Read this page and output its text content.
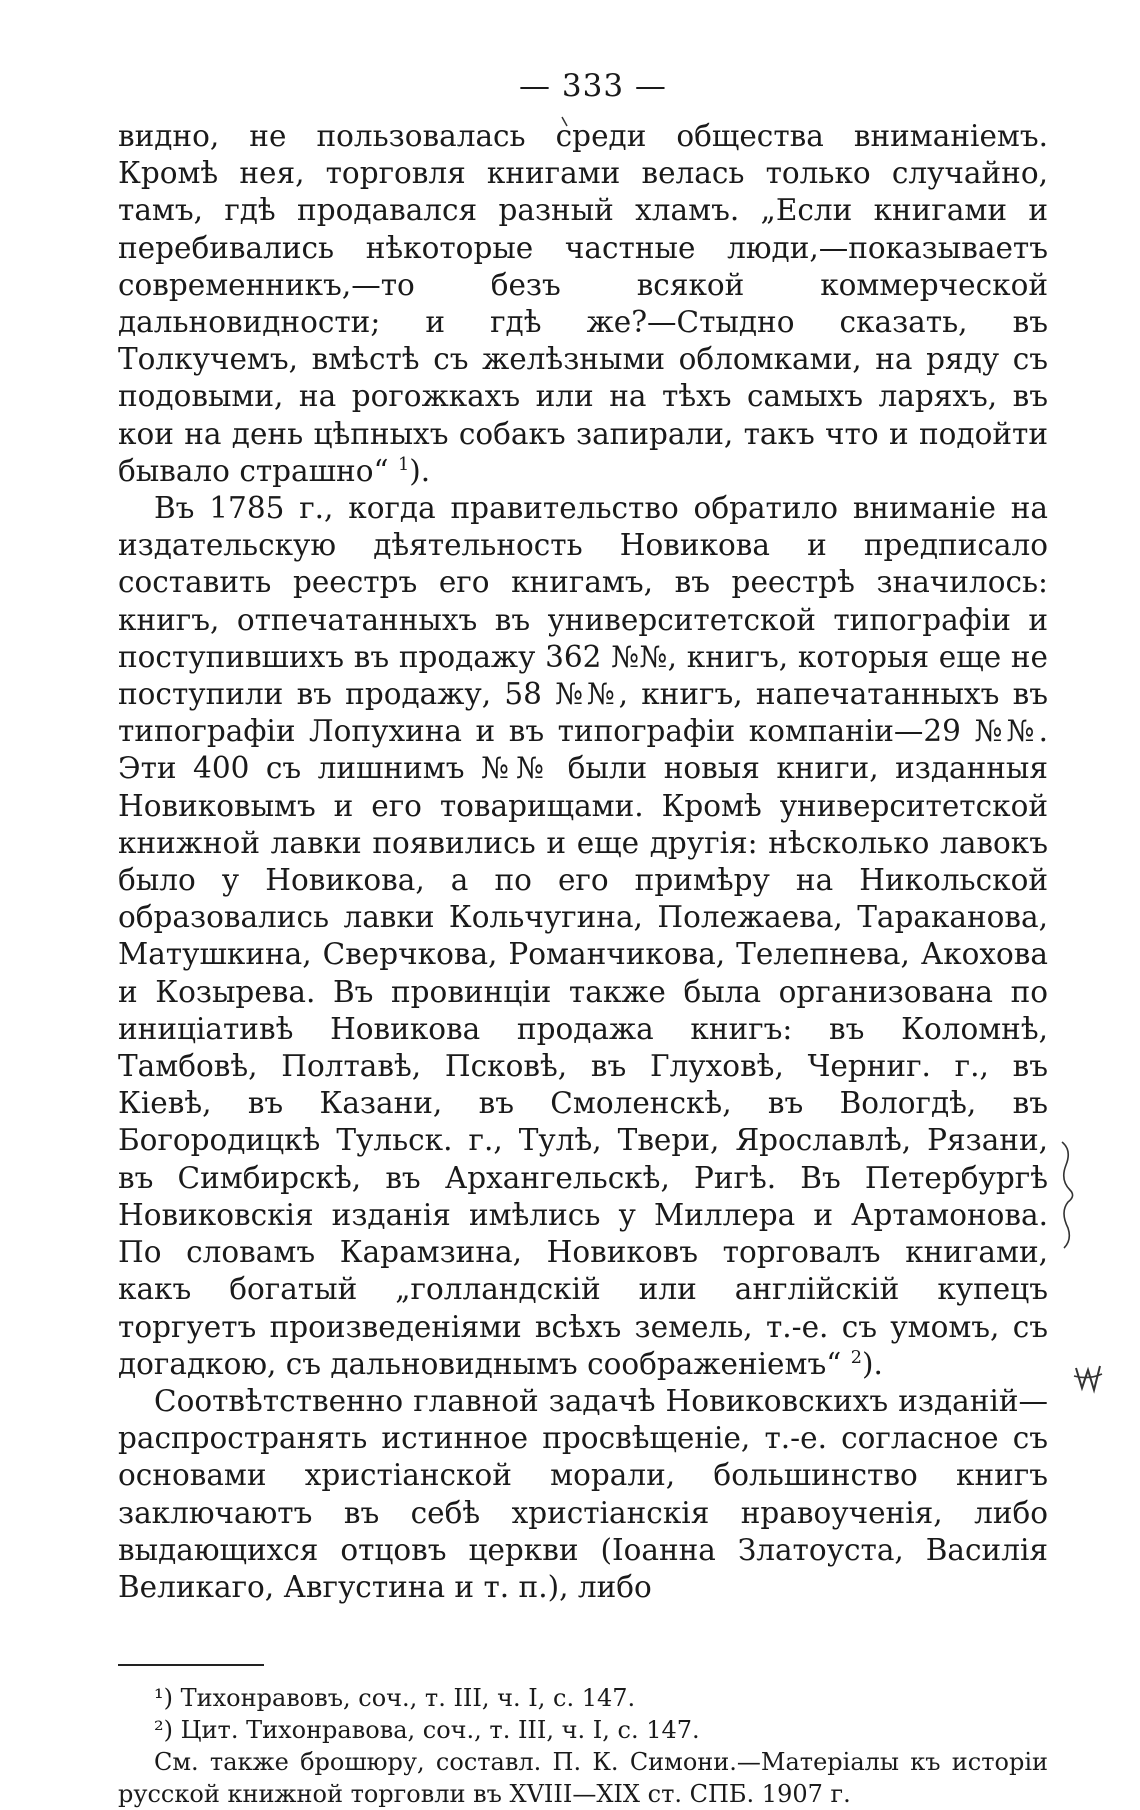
— 333 —

видно, не пользовалась среди общества вниманіемъ. Кромѣ нея, торговля книгами велась только случайно, тамъ, гдѣ продавался разный хламъ. „Если книгами и перебивались нѣкоторые частные люди,—показываетъ современникъ,—то безъ всякой коммерческой дальновидности; и гдѣ же?—Стыдно сказать, въ Толкучемъ, вмѣстѣ съ желѣзными обломками, на ряду съ подовыми, на рогожкахъ или на тѣхъ самыхъ ларяхъ, въ кои на день цѣпныхъ собакъ запирали, такъ что и подойти бывало страшно“ $^1$).

Въ 1785 г., когда правительство обратило вниманіе на издательскую дѣятельность Новикова и предписало составить реестръ его книгамъ, въ реестрѣ значилось: книгъ, отпечатанныхъ въ университетской типографіи и поступившихъ въ продажу 362 №№, книгъ, которыя еще не поступили въ продажу, 58 №№, книгъ, напечатанныхъ въ типографіи Лопухина и въ типографіи компаніи—29 №№. Эти 400 съ лишнимъ №№ были новыя книги, изданныя Новиковымъ и его товарищами. Кромѣ университетской книжной лавки появились и еще другія: нѣсколько лавокъ было у Новикова, а по его примѣру на Никольской образовались лавки Кольчугина, Полежаева, Тараканова, Матушкина, Сверчкова, Романчикова, Телепнева, Акохова и Козырева. Въ провинціи также была организована по иниціативѣ Новикова продажа книгъ: въ Коломнѣ, Тамбовѣ, Полтавѣ, Псковѣ, въ Глуховѣ, Черниг. г., въ Кіевѣ, въ Казани, въ Смоленскѣ, въ Вологдѣ, въ Богородицкѣ Тульск. г., Тулѣ, Твери, Ярославлѣ, Рязани, въ Симбирскѣ, въ Архангельскѣ, Ригѣ. Въ Петербургѣ Новиковскія изданія имѣлись у Миллера и Артамонова. По словамъ Карамзина, Новиковъ торговалъ книгами, какъ богатый „голландскій или англійскій купецъ торгуетъ произведеніями всѣхъ земель, т.-е. съ умомъ, съ догадкою, съ дальновиднымъ соображеніемъ“ $^2$).

Соотвѣтственно главной задачѣ Новиковскихъ изданій—распространять истинное просвѣщеніе, т.-е. согласное съ основами христіанской морали, большинство книгъ заключаютъ въ себѣ христіанскія нравоученія, либо выдающихся отцовъ церкви (Іоанна Златоуста, Василія Великаго, Августина и т. п.), либо

¹) Тихонравовъ, соч., т. III, ч. I, с. 147.

²) Цит. Тихонравова, соч., т. III, ч. I, с. 147.

См. также брошюру, составл. П. К. Симони.—Матеріалы къ исторіи русской книжной торговли въ XVIII—XIX ст. СПБ. 1907 г.
